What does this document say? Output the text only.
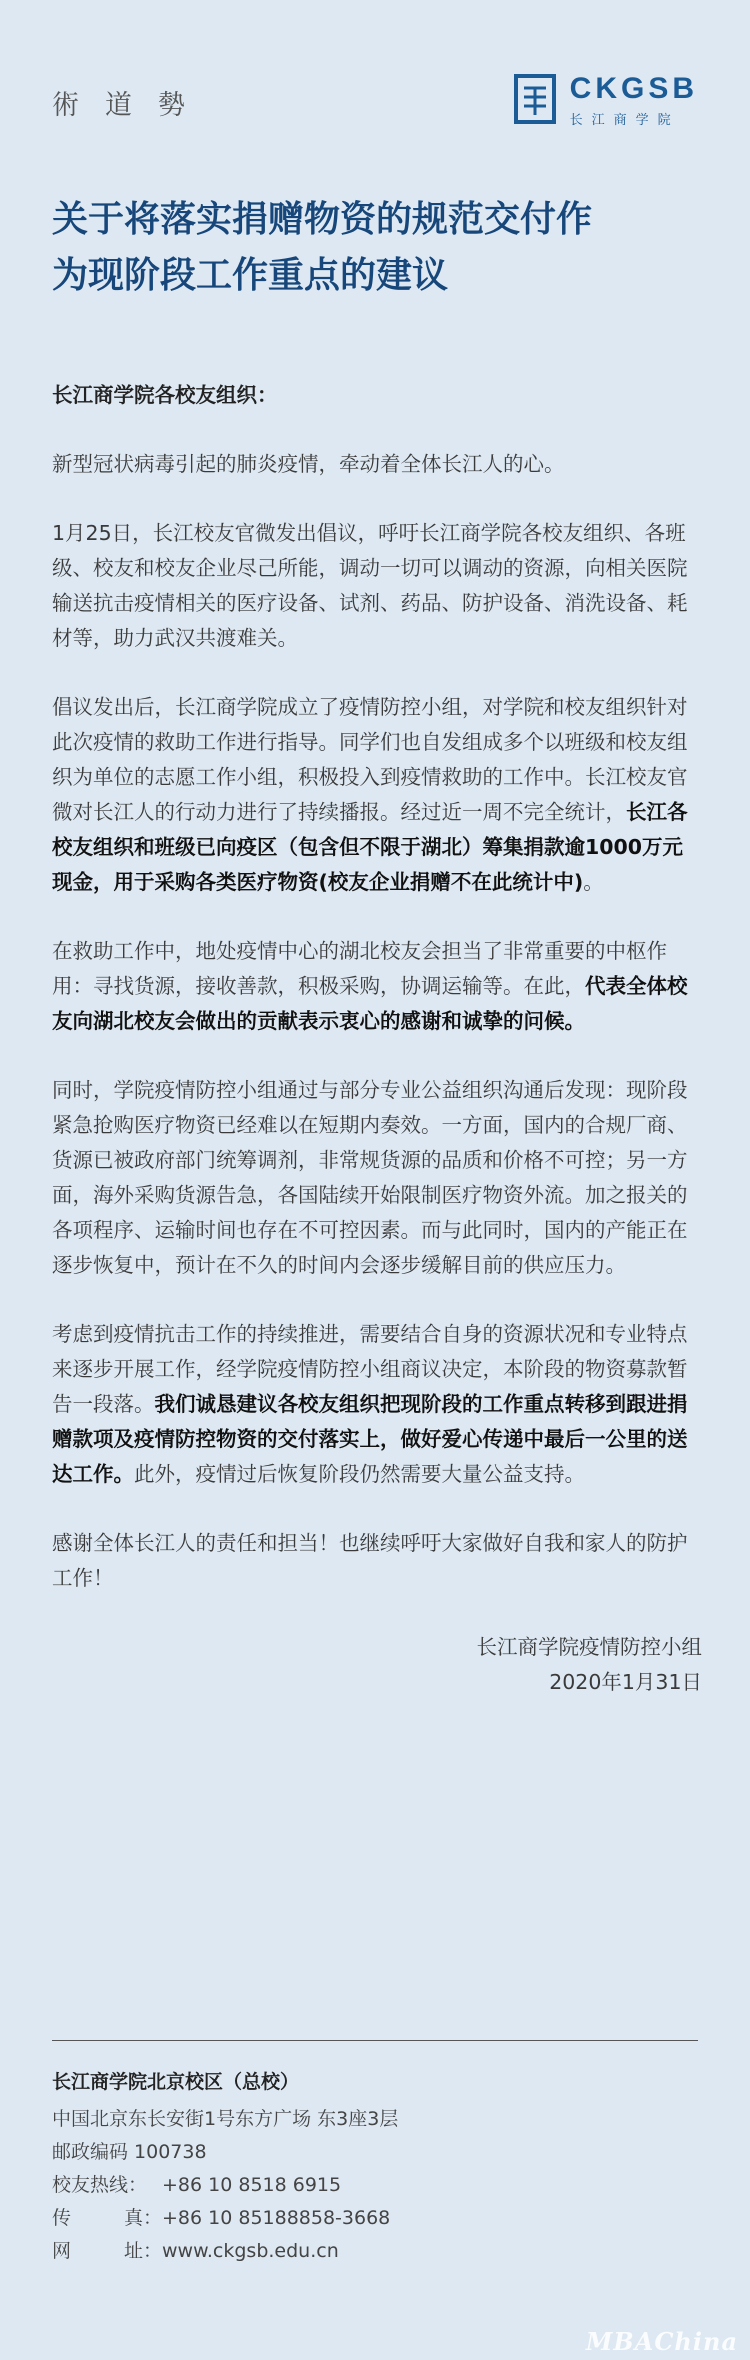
術 道 勢
CKGSB
长江商学院
关于将落实捐赠物资的规范交付作
为现阶段工作重点的建议

长江商学院各校友组织：

新型冠状病毒引起的肺炎疫情，牵动着全体长江人的心。

1月25日，长江校友官微发出倡议，呼吁长江商学院各校友组织、各班级、校友和校友企业尽己所能，调动一切可以调动的资源，向相关医院输送抗击疫情相关的医疗设备、试剂、药品、防护设备、消洗设备、耗材等，助力武汉共渡难关。

倡议发出后，长江商学院成立了疫情防控小组，对学院和校友组织针对此次疫情的救助工作进行指导。同学们也自发组成多个以班级和校友组织为单位的志愿工作小组，积极投入到疫情救助的工作中。长江校友官微对长江人的行动力进行了持续播报。经过近一周不完全统计，长江各校友组织和班级已向疫区（包含但不限于湖北）筹集捐款逾1000万元现金，用于采购各类医疗物资(校友企业捐赠不在此统计中)。

在救助工作中，地处疫情中心的湖北校友会担当了非常重要的中枢作用：寻找货源，接收善款，积极采购，协调运输等。在此，代表全体校友向湖北校友会做出的贡献表示衷心的感谢和诚挚的问候。

同时，学院疫情防控小组通过与部分专业公益组织沟通后发现：现阶段紧急抢购医疗物资已经难以在短期内奏效。一方面，国内的合规厂商、货源已被政府部门统筹调剂，非常规货源的品质和价格不可控；另一方面，海外采购货源告急，各国陆续开始限制医疗物资外流。加之报关的各项程序、运输时间也存在不可控因素。而与此同时，国内的产能正在逐步恢复中，预计在不久的时间内会逐步缓解目前的供应压力。

考虑到疫情抗击工作的持续推进，需要结合自身的资源状况和专业特点来逐步开展工作，经学院疫情防控小组商议决定，本阶段的物资募款暂告一段落。我们诚恳建议各校友组织把现阶段的工作重点转移到跟进捐赠款项及疫情防控物资的交付落实上，做好爱心传递中最后一公里的送达工作。此外，疫情过后恢复阶段仍然需要大量公益支持。

感谢全体长江人的责任和担当！也继续呼吁大家做好自我和家人的防护工作！

长江商学院疫情防控小组

2020年1月31日

长江商学院北京校区（总校）
中国北京东长安街1号东方广场 东3座3层
邮政编码 100738
校友热线： +86 10 8518 6915
传	真： +86 10 85188858-3668
网	址： www.ckgsb.edu.cn
MBAChina
